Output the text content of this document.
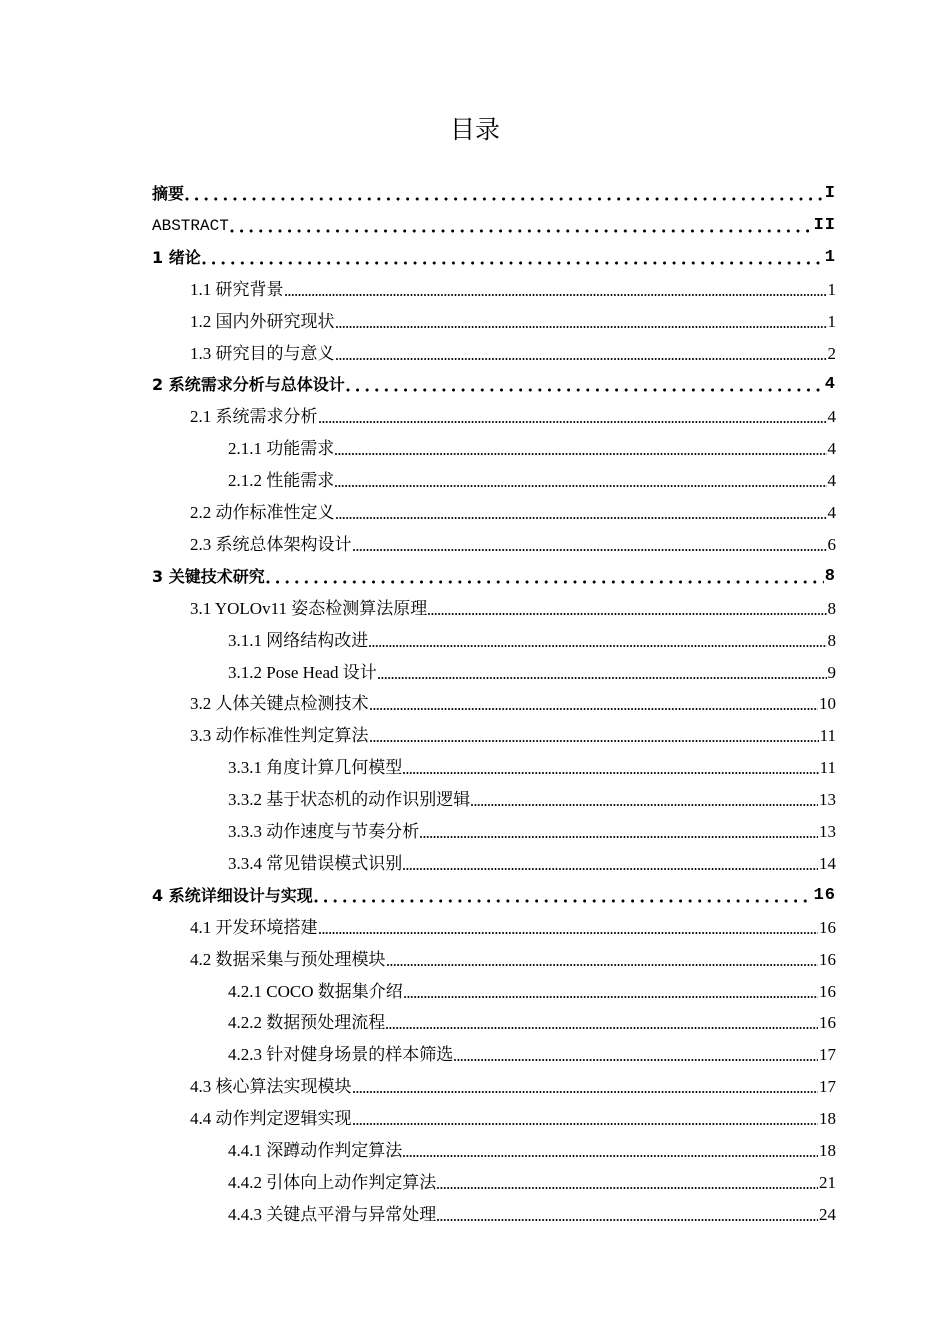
目录
摘要	I
ABSTRACT	II
1 绪论	1
1.1 研究背景	1
1.2 国内外研究现状	1
1.3 研究目的与意义	2
2 系统需求分析与总体设计	4
2.1 系统需求分析	4
2.1.1 功能需求	4
2.1.2 性能需求	4
2.2 动作标准性定义	4
2.3 系统总体架构设计	6
3 关键技术研究	8
3.1 YOLOv11 姿态检测算法原理	8
3.1.1 网络结构改进	8
3.1.2 Pose Head 设计	9
3.2 人体关键点检测技术	10
3.3 动作标准性判定算法	11
3.3.1 角度计算几何模型	11
3.3.2 基于状态机的动作识别逻辑	13
3.3.3 动作速度与节奏分析	13
3.3.4 常见错误模式识别	14
4 系统详细设计与实现	16
4.1 开发环境搭建	16
4.2 数据采集与预处理模块	16
4.2.1 COCO 数据集介绍	16
4.2.2 数据预处理流程	16
4.2.3 针对健身场景的样本筛选	17
4.3 核心算法实现模块	17
4.4 动作判定逻辑实现	18
4.4.1 深蹲动作判定算法	18
4.4.2 引体向上动作判定算法	21
4.4.3 关键点平滑与异常处理	24
